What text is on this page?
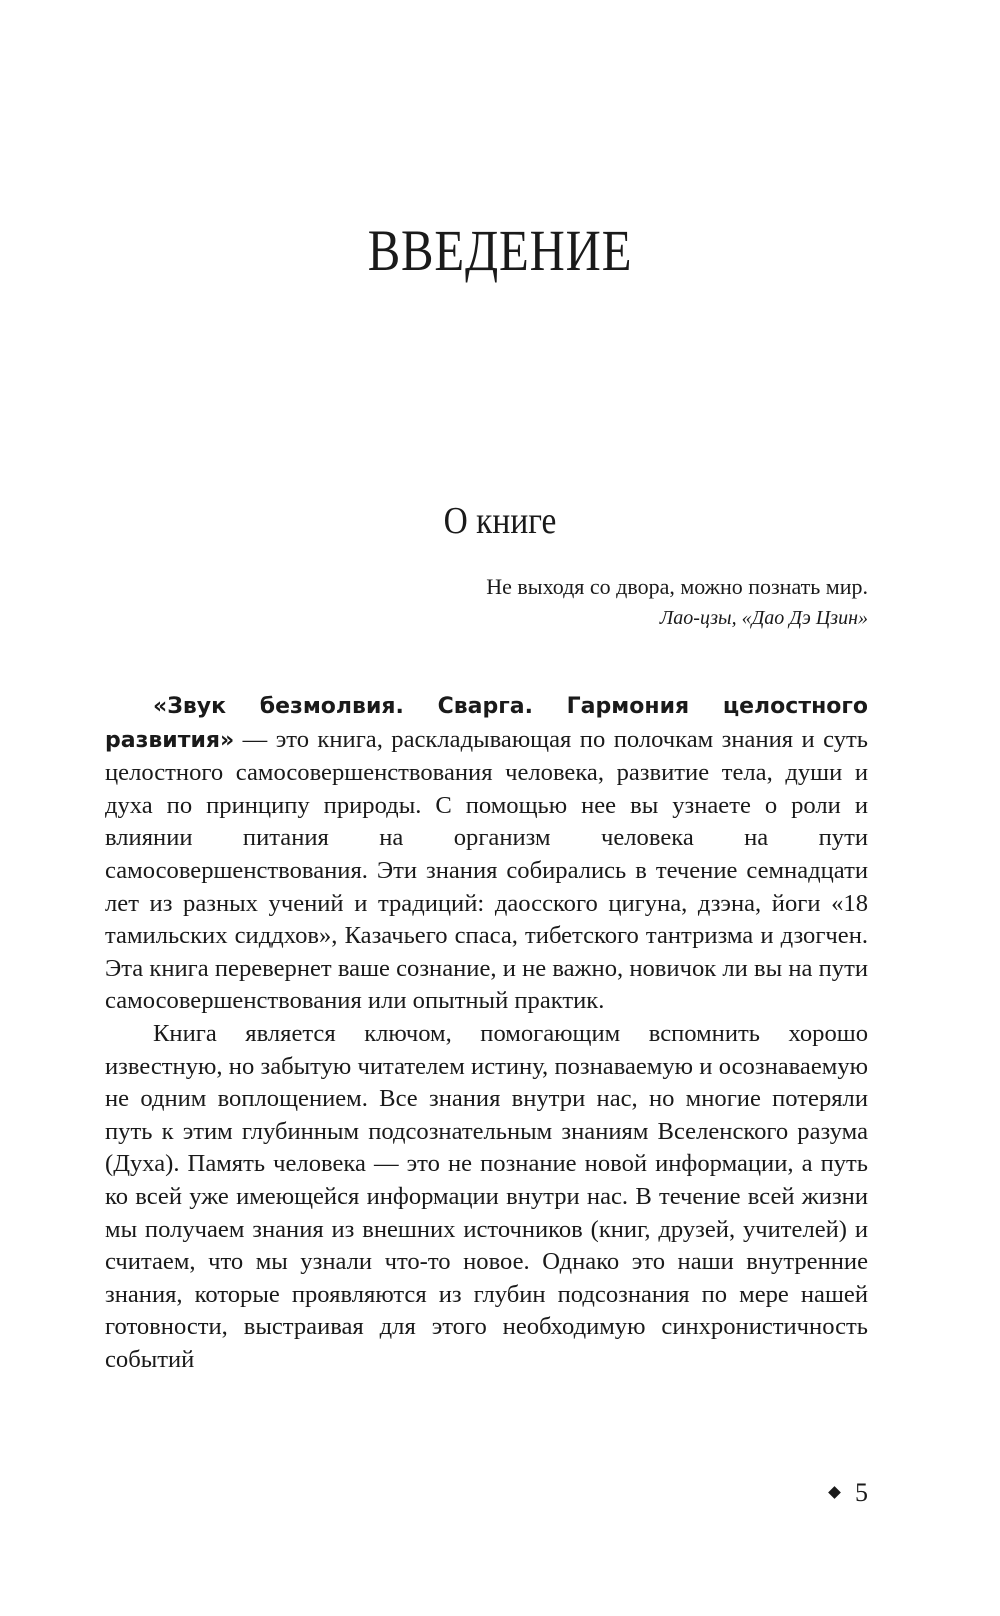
ВВЕДЕНИЕ
О книге
Не выходя со двора, можно познать мир.
Лао-цзы, «Дао Дэ Цзин»

«Звук безмолвия. Сварга. Гармония целостного развития» — это книга, раскладывающая по полочкам знания и суть целостного самосовершенствования человека, развитие тела, души и духа по принципу природы. С помощью нее вы узнаете о роли и влиянии питания на организм человека на пути самосовершенствования. Эти знания собирались в течение семнадцати лет из разных учений и традиций: даосского цигуна, дзэна, йоги «18 тамильских сиддхов», Казачьего спаса, тибетского тантризма и дзогчен. Эта книга перевернет ваше сознание, и не важно, новичок ли вы на пути самосовершенствования или опытный практик.

Книга является ключом, помогающим вспомнить хорошо известную, но забытую читателем истину, познаваемую и осознаваемую не одним воплощением. Все знания внутри нас, но многие потеряли путь к этим глубинным подсознательным знаниям Вселенского разума (Духа). Память человека — это не познание новой информации, а путь ко всей уже имеющейся информации внутри нас. В течение всей жизни мы получаем знания из внешних источников (книг, друзей, учителей) и считаем, что мы узнали что-то новое. Однако это наши внутренние знания, которые проявляются из глубин подсознания по мере нашей готовности, выстраивая для этого необходимую синхронистичность событий

5
